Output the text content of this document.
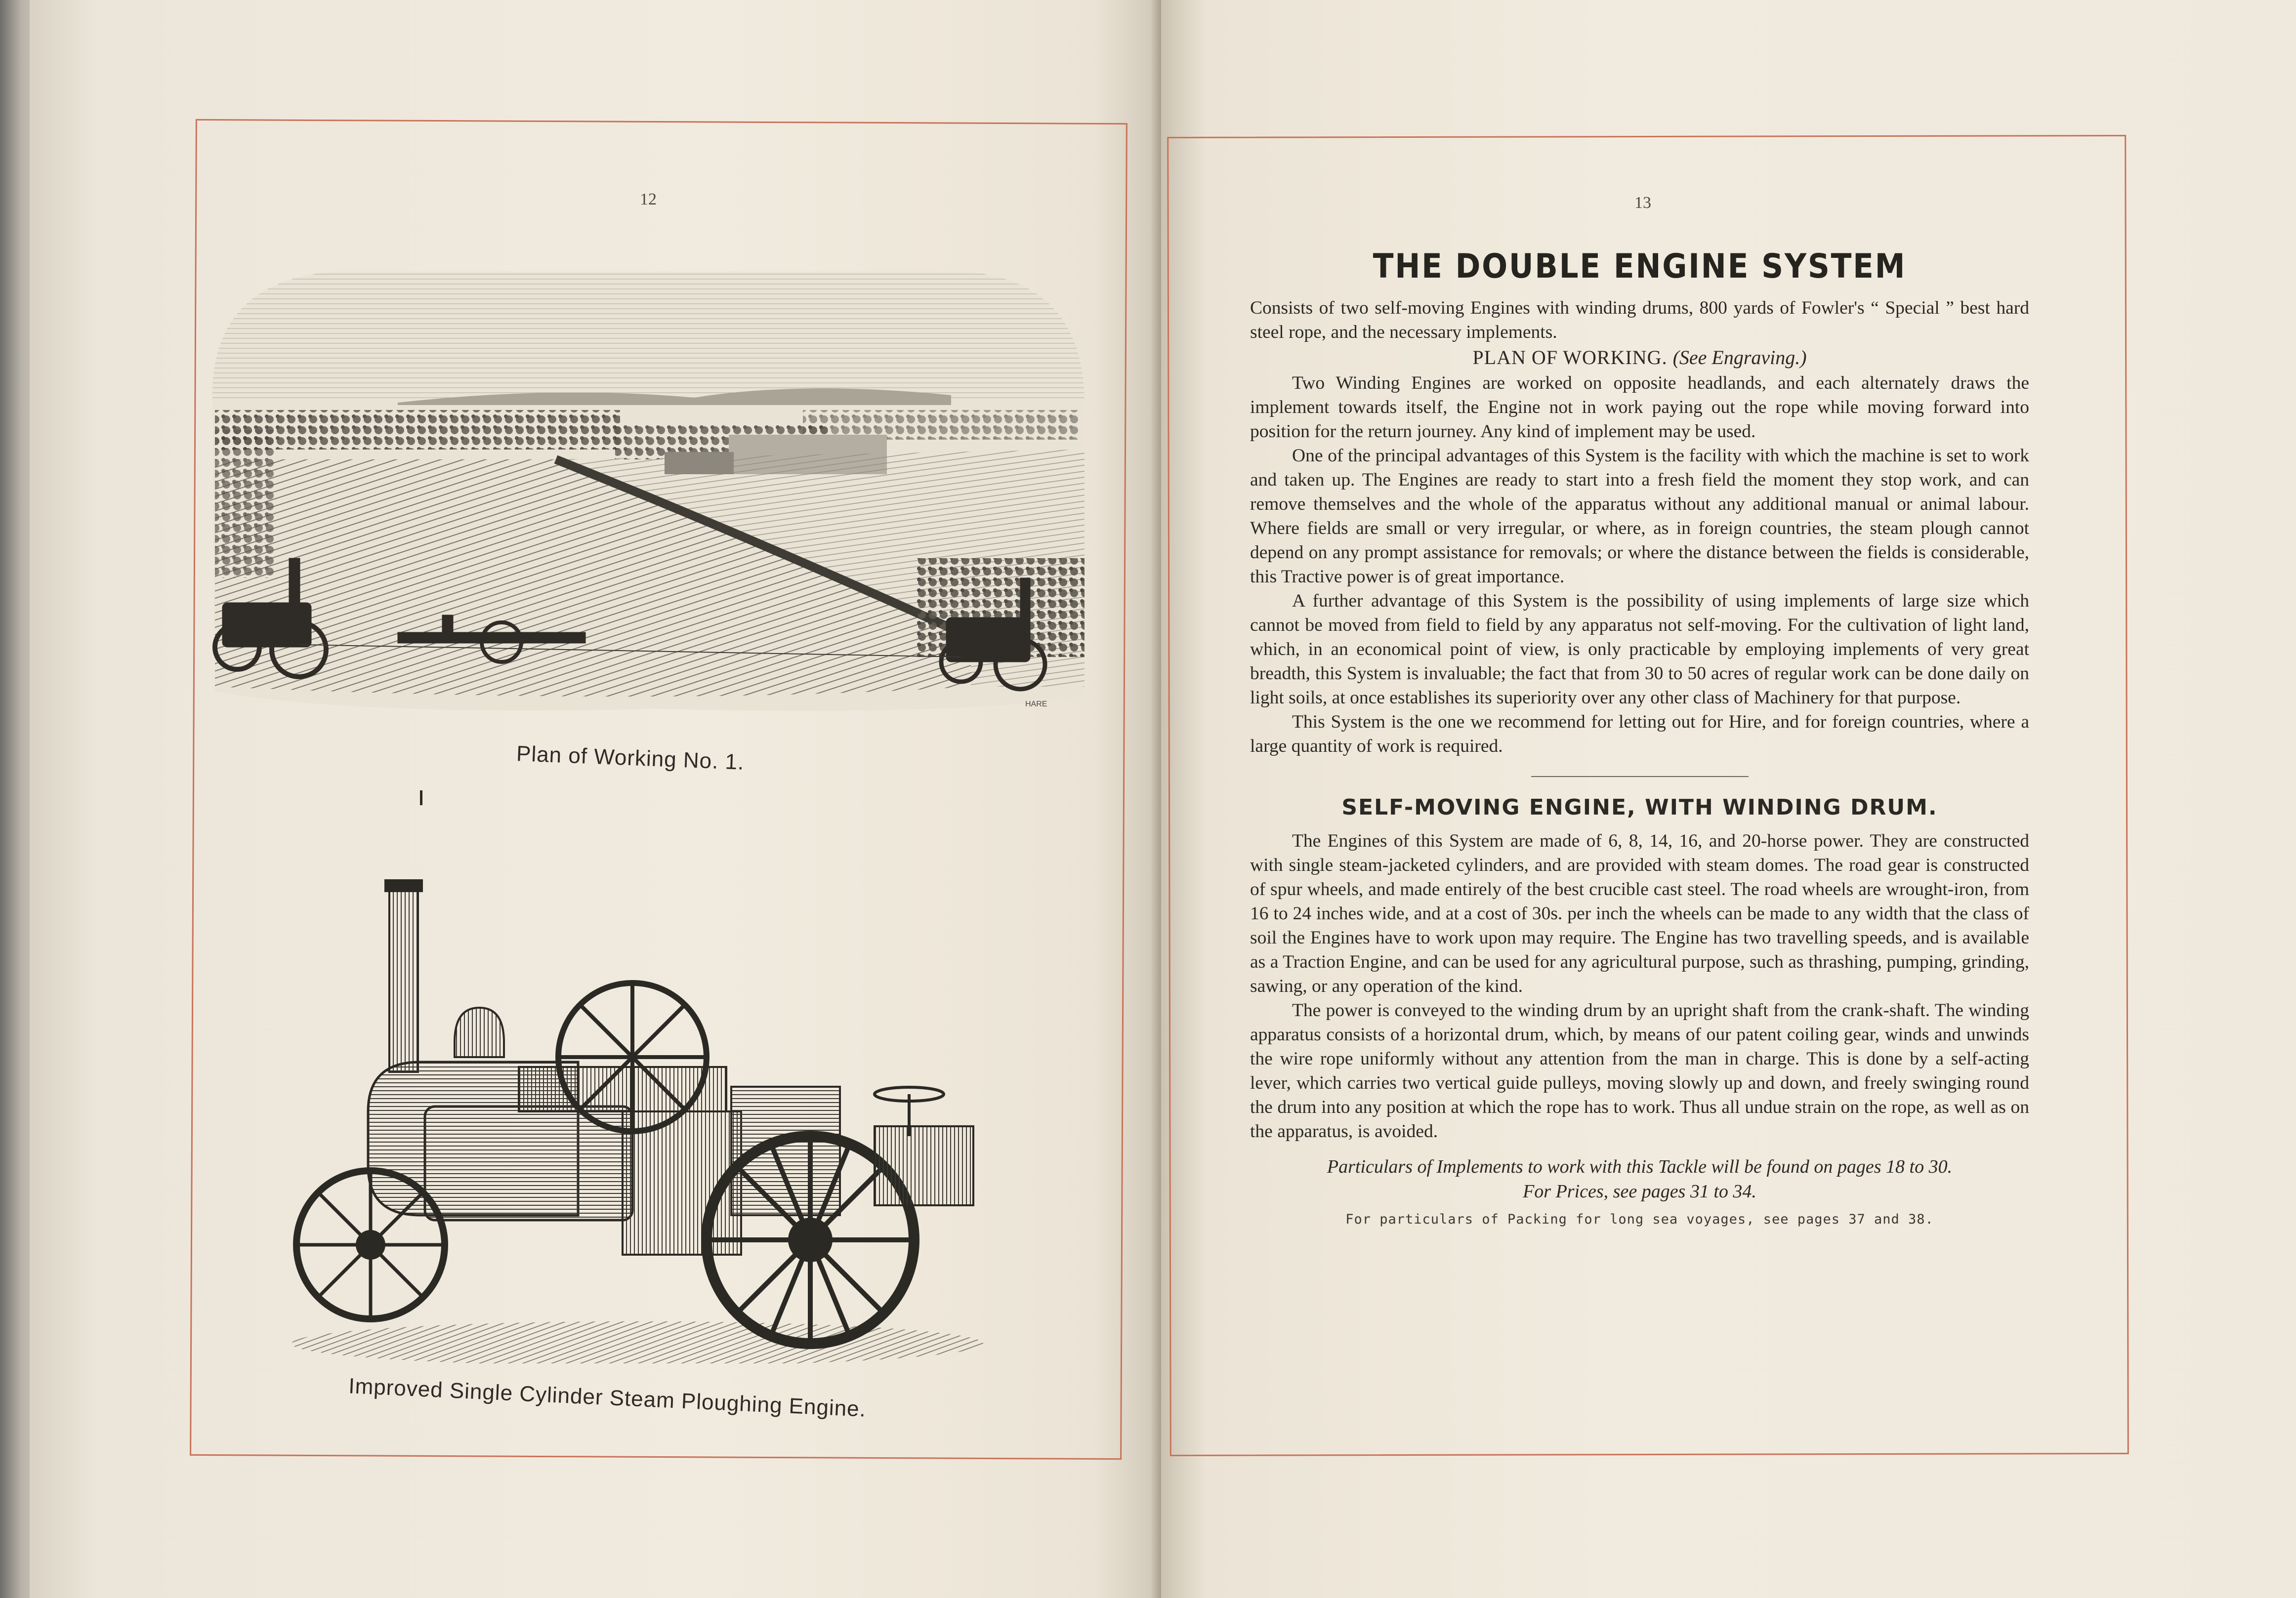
12
HARE
Plan of Working No. 1.
Improved Single Cylinder Steam Ploughing Engine.
13
THE DOUBLE ENGINE SYSTEM

Consists of two self-moving Engines with winding drums, 800 yards of Fowler's “ Special ” best hard steel rope, and the necessary implements.

PLAN OF WORKING. (See Engraving.)

Two Winding Engines are worked on opposite headlands, and each alternately draws the implement towards itself, the Engine not in work paying out the rope while moving forward into position for the return journey. Any kind of implement may be used.

One of the principal advantages of this System is the facility with which the machine is set to work and taken up. The Engines are ready to start into a fresh field the moment they stop work, and can remove themselves and the whole of the apparatus without any additional manual or animal labour. Where fields are small or very irregular, or where, as in foreign countries, the steam plough cannot depend on any prompt assistance for removals; or where the distance between the fields is considerable, this Tractive power is of great importance.

A further advantage of this System is the possibility of using implements of large size which cannot be moved from field to field by any apparatus not self-moving. For the cultivation of light land, which, in an economical point of view, is only practicable by employing implements of very great breadth, this System is invaluable; the fact that from 30 to 50 acres of regular work can be done daily on light soils, at once establishes its superiority over any other class of Machinery for that purpose.

This System is the one we recommend for letting out for Hire, and for foreign countries, where a large quantity of work is required.

SELF-MOVING ENGINE, WITH WINDING DRUM.

The Engines of this System are made of 6, 8, 14, 16, and 20-horse power. They are constructed with single steam-jacketed cylinders, and are provided with steam domes. The road gear is constructed of spur wheels, and made entirely of the best crucible cast steel. The road wheels are wrought-iron, from 16 to 24 inches wide, and at a cost of 30s. per inch the wheels can be made to any width that the class of soil the Engines have to work upon may require. The Engine has two travelling speeds, and is available as a Traction Engine, and can be used for any agricultural purpose, such as thrashing, pumping, grinding, sawing, or any operation of the kind.

The power is conveyed to the winding drum by an upright shaft from the crank-shaft. The winding apparatus consists of a horizontal drum, which, by means of our patent coiling gear, winds and unwinds the wire rope uniformly without any attention from the man in charge. This is done by a self-acting lever, which carries two vertical guide pulleys, moving slowly up and down, and freely swinging round the drum into any position at which the rope has to work. Thus all undue strain on the rope, as well as on the apparatus, is avoided.

Particulars of Implements to work with this Tackle will be found on pages 18 to 30.

For Prices, see pages 31 to 34.

For particulars of Packing for long sea voyages, see pages 37 and 38.
